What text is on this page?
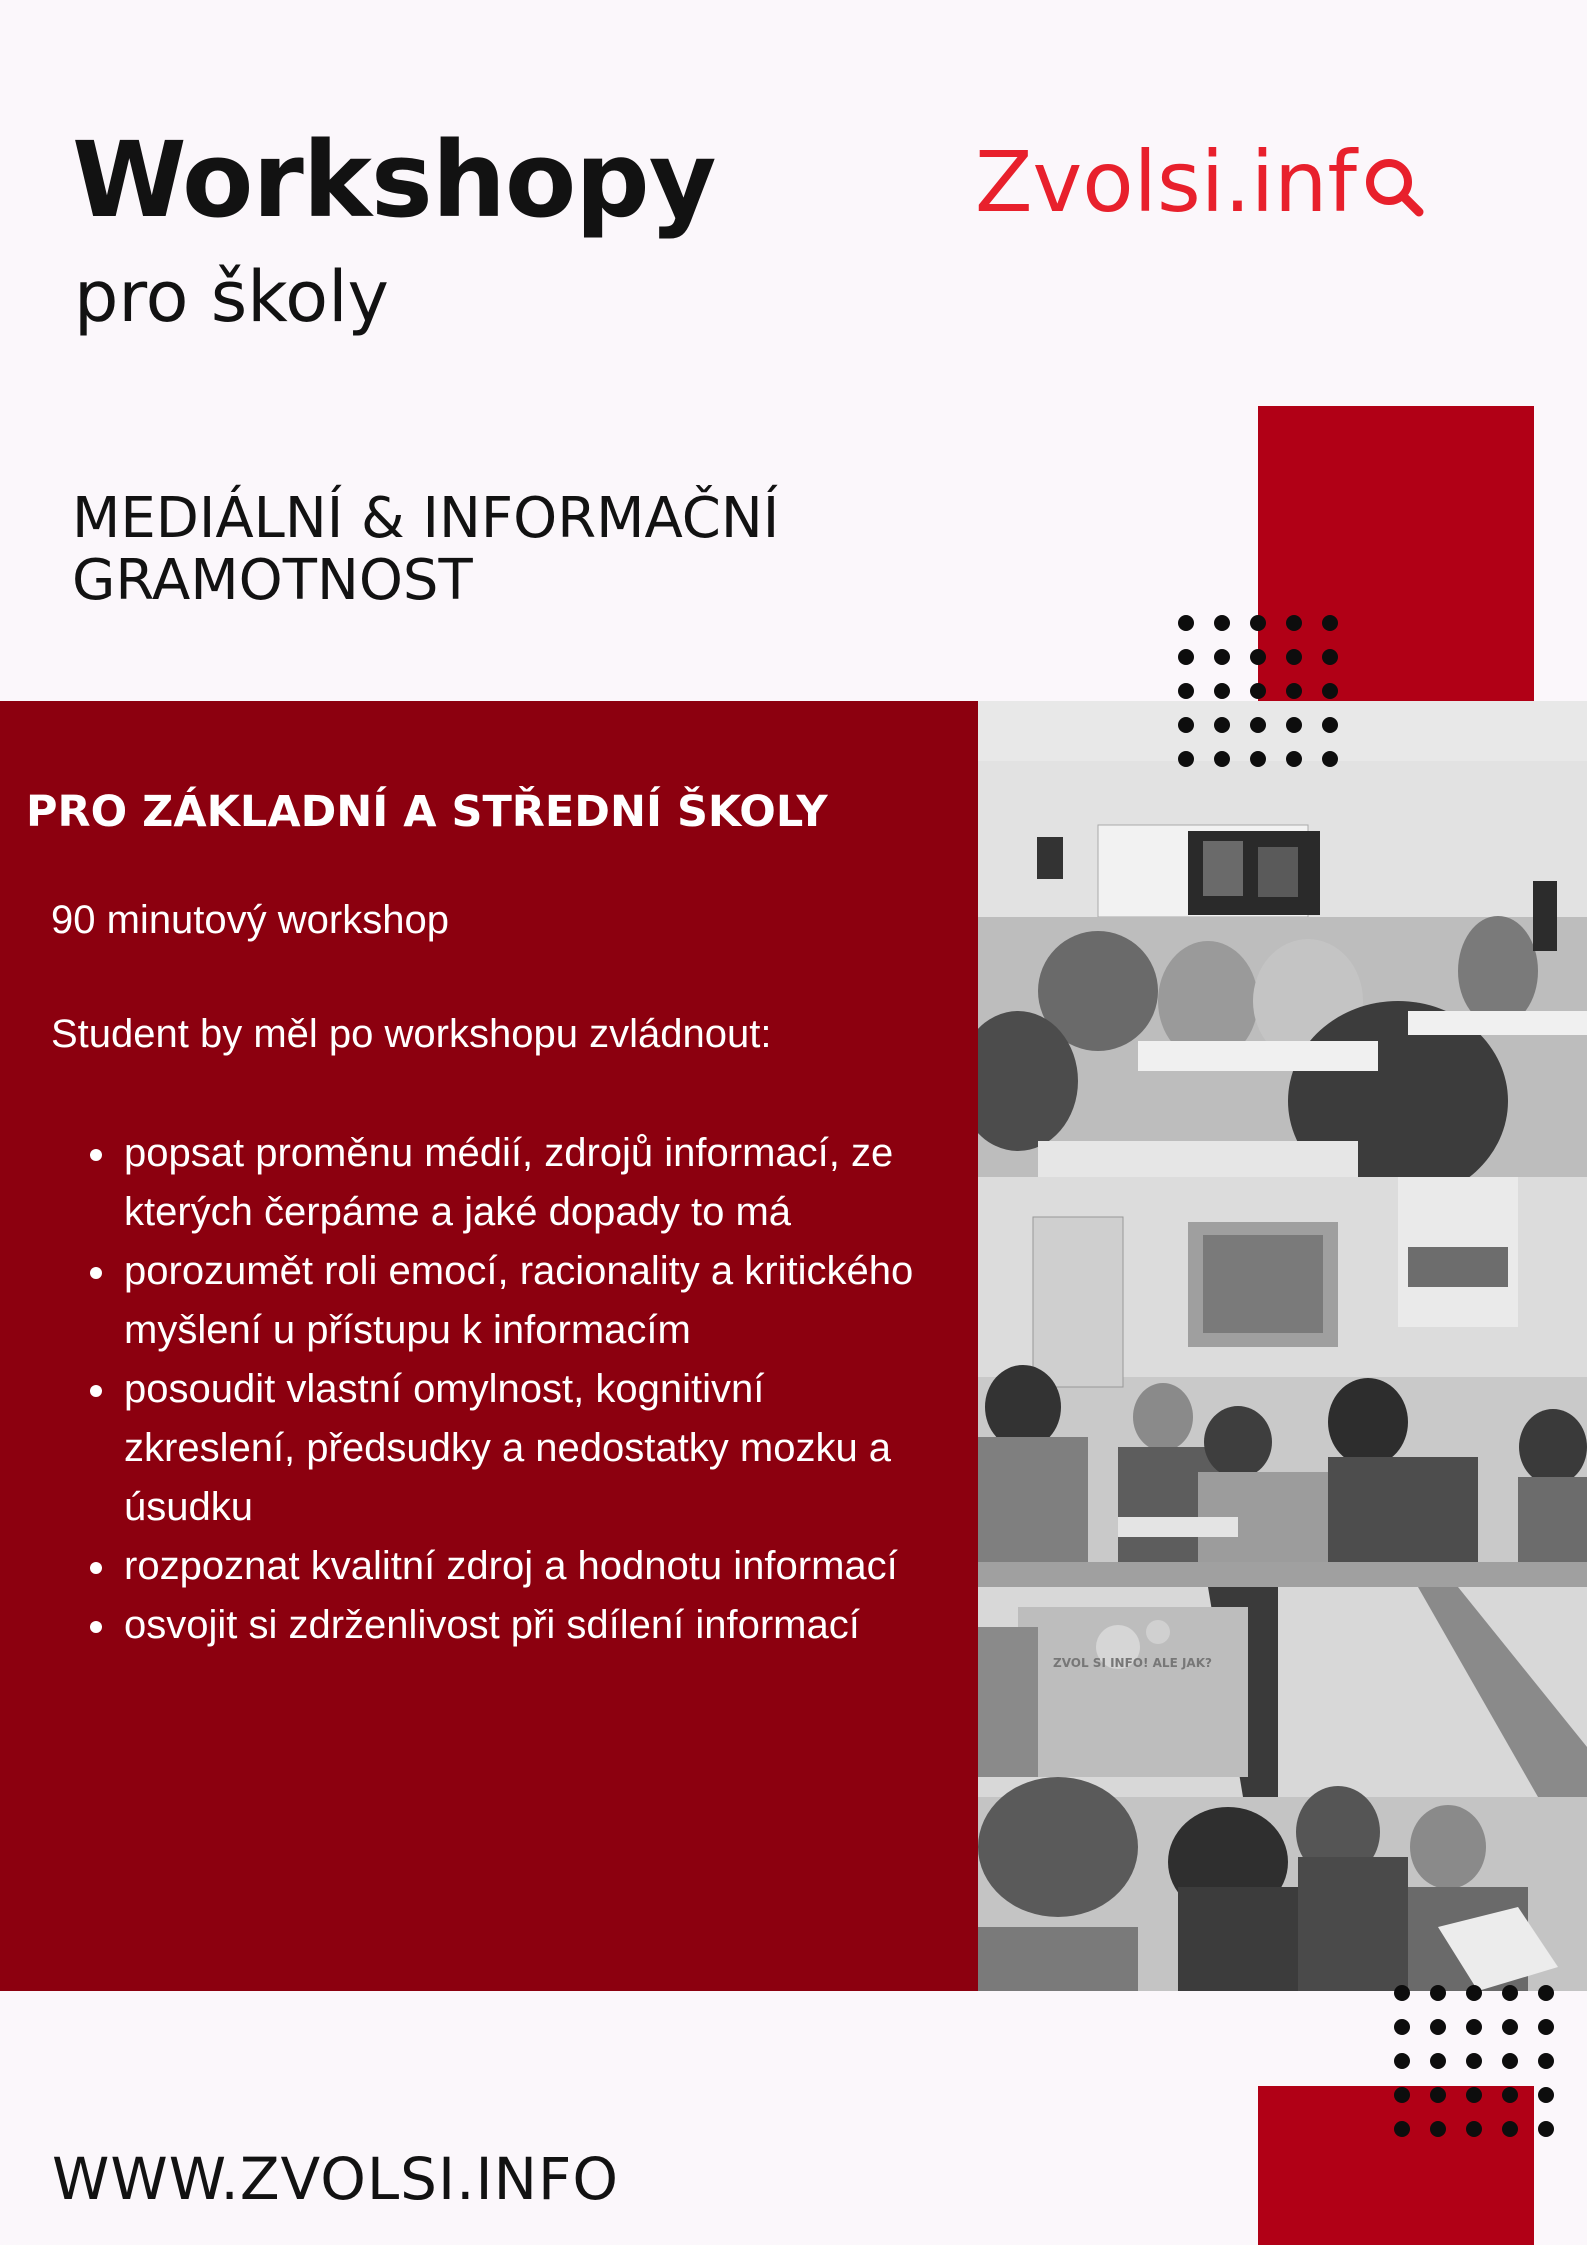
Workshopy
pro školy
Zvolsi.inf
MEDIÁLNÍ & INFORMAČNÍ
GRAMOTNOST
PRO ZÁKLADNÍ A STŘEDNÍ ŠKOLY
90 minutový workshop
Student by měl po workshopu zvládnout:
popsat proměnu médií, zdrojů informací, ze kterých čerpáme a jaké dopady to má
porozumět roli emocí, racionality a kritického myšlení u přístupu k informacím
posoudit vlastní omylnost, kognitivní zkreslení, předsudky a nedostatky mozku a úsudku
rozpoznat kvalitní zdroj a hodnotu informací
osvojit si zdrženlivost při sdílení informací
ZVOL SI INFO! ALE JAK?
WWW.ZVOLSI.INFO
